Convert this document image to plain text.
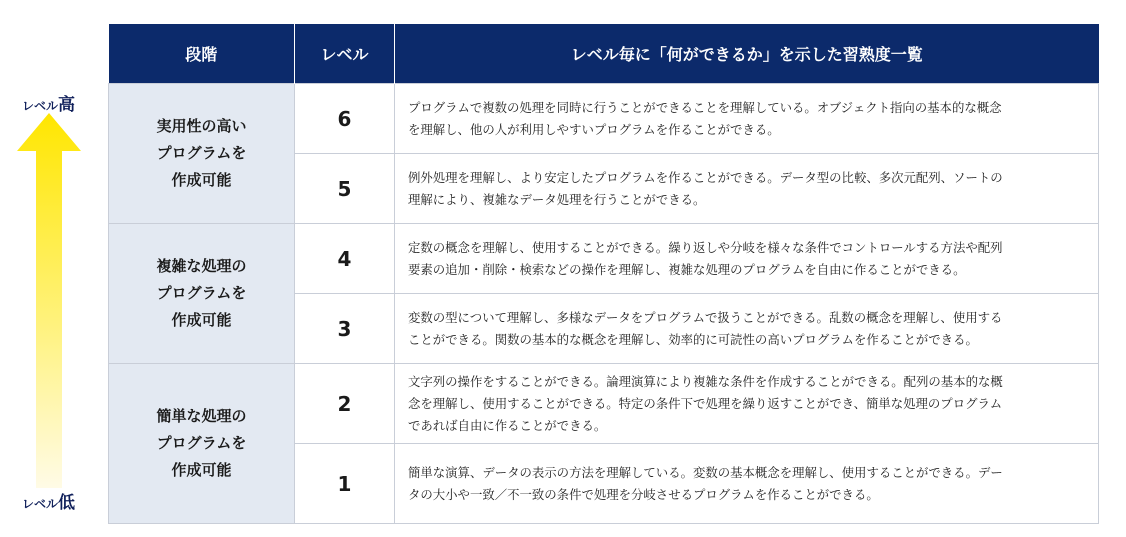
レベル高
レベル低
段階	レベル	レベル毎に「何ができるか」を示した習熟度一覧

実用性の高い
プログラムを
作成可能	6	プログラムで複数の処理を同時に行うことができることを理解している。オブジェクト指向の基本的な概念
を理解し、他の人が利用しやすいプログラムを作ることができる。
	5	例外処理を理解し、より安定したプログラムを作ることができる。データ型の比較、多次元配列、ソートの
理解により、複雑なデータ処理を行うことができる。

複雑な処理の
プログラムを
作成可能	4	定数の概念を理解し、使用することができる。繰り返しや分岐を様々な条件でコントロールする方法や配列
要素の追加・削除・検索などの操作を理解し、複雑な処理のプログラムを自由に作ることができる。
	3	変数の型について理解し、多様なデータをプログラムで扱うことができる。乱数の概念を理解し、使用する
ことができる。関数の基本的な概念を理解し、効率的に可読性の高いプログラムを作ることができる。

簡単な処理の
プログラムを
作成可能	2	文字列の操作をすることができる。論理演算により複雑な条件を作成することができる。配列の基本的な概
念を理解し、使用することができる。特定の条件下で処理を繰り返すことができ、簡単な処理のプログラム
であれば自由に作ることができる。
	1	簡単な演算、データの表示の方法を理解している。変数の基本概念を理解し、使用することができる。デー
タの大小や一致／不一致の条件で処理を分岐させるプログラムを作ることができる。
